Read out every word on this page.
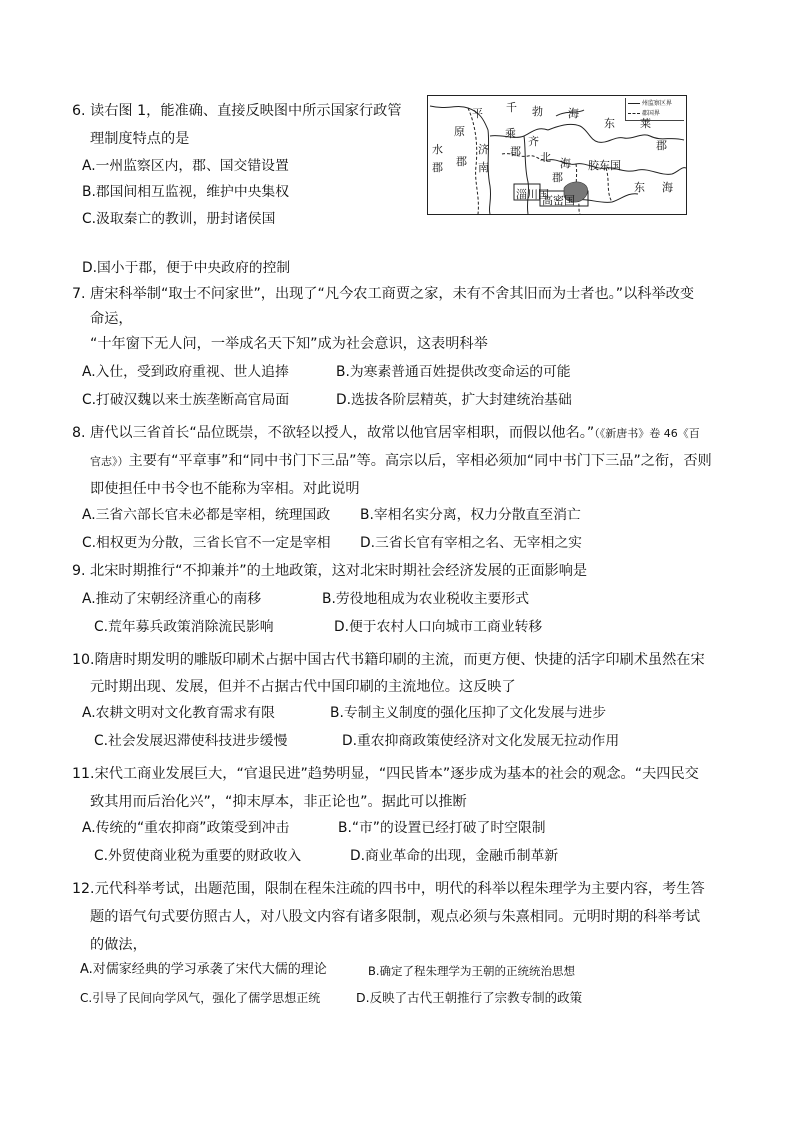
6. 读右图 1，能准确、直接反映图中所示国家行政管
理制度特点的是
A.一州监察区内，郡、国交错设置
B.郡国间相互监视，维护中央集权
C.汲取秦亡的教训，册封诸侯国
D.国小于郡，便于中央政府的控制
州监察区界
郡国界
平 千 勃 海
东 莱
原	乘
齐
水	济 郡 北
郡 南
郡	海 胶东国
郡
东 海
郡
淄川国
高密国
7. 唐宋科举制“取士不问家世”，出现了“凡今农工商贾之家，未有不舍其旧而为士者也。”以科举改变
命运，
“十年窗下无人问，一举成名天下知”成为社会意识，这表明科举
A.入仕，受到政府重视、世人追捧	B.为寒素普通百姓提供改变命运的可能
C.打破汉魏以来士族垄断高官局面	D.选拔各阶层精英，扩大封建统治基础
8. 唐代以三省首长“品位既崇，不欲轻以授人，故常以他官居宰相职，而假以他名。”（《新唐书》卷 46《百
官志》）主要有“平章事”和“同中书门下三品”等。高宗以后，宰相必须加“同中书门下三品”之衔，否则
即使担任中书令也不能称为宰相。对此说明
A.三省六部长官未必都是宰相，统理国政 B.宰相名实分离，权力分散直至消亡
C.相权更为分散，三省长官不一定是宰相 D.三省长官有宰相之名、无宰相之实
9. 北宋时期推行“不抑兼并”的土地政策，这对北宋时期社会经济发展的正面影响是
A.推动了宋朝经济重心的南移	B.劳役地租成为农业税收主要形式
C.荒年募兵政策消除流民影响	D.便于农村人口向城市工商业转移
10.隋唐时期发明的雕版印刷术占据中国古代书籍印刷的主流，而更方便、快捷的活字印刷术虽然在宋
元时期出现、发展，但并不占据古代中国印刷的主流地位。这反映了
A.农耕文明对文化教育需求有限	B.专制主义制度的强化压抑了文化发展与进步
C.社会发展迟滞使科技进步缓慢	D.重农抑商政策使经济对文化发展无拉动作用
11.宋代工商业发展巨大，“官退民进”趋势明显，“四民皆本”逐步成为基本的社会的观念。“夫四民交
致其用而后治化兴”，“抑末厚本，非正论也”。据此可以推断
A.传统的“重农抑商”政策受到冲击	B.“市”的设置已经打破了时空限制
C.外贸使商业税为重要的财政收入	D.商业革命的出现，金融币制革新
12.元代科举考试，出题范围，限制在程朱注疏的四书中，明代的科举以程朱理学为主要内容，考生答
题的语气句式要仿照古人，对八股文内容有诸多限制，观点必须与朱熹相同。元明时期的科举考试
的做法，
A.对儒家经典的学习承袭了宋代大儒的理论	B.确定了程朱理学为王朝的正统统治思想
C.引导了民间向学风气，强化了儒学思想正统	D.反映了古代王朝推行了宗教专制的政策
